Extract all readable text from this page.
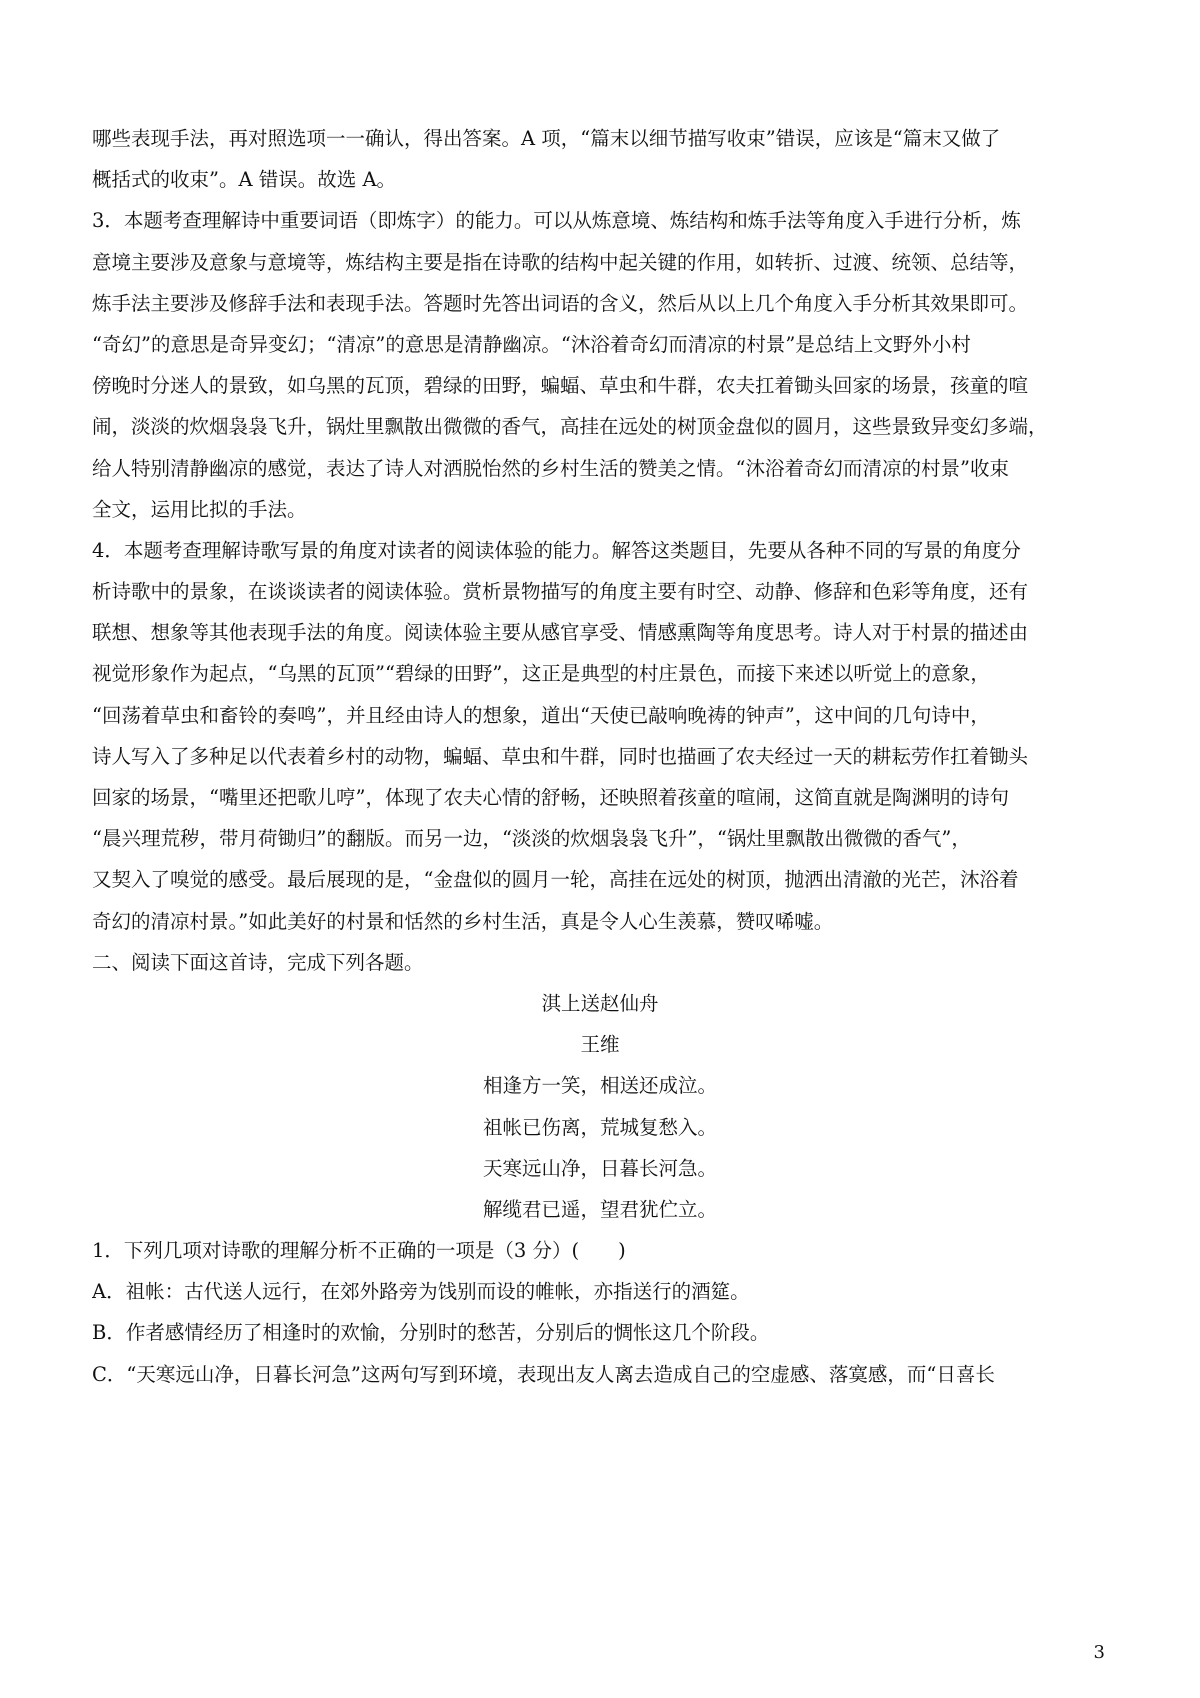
哪些表现手法，再对照选项一一确认，得出答案。A 项，“篇末以细节描写收束”错误，应该是“篇末又做了
概括式的收束”。A 错误。故选 A。
3．本题考查理解诗中重要词语（即炼字）的能力。可以从炼意境、炼结构和炼手法等角度入手进行分析，炼
意境主要涉及意象与意境等，炼结构主要是指在诗歌的结构中起关键的作用，如转折、过渡、统领、总结等，
炼手法主要涉及修辞手法和表现手法。答题时先答出词语的含义，然后从以上几个角度入手分析其效果即可。
“奇幻”的意思是奇异变幻；“清凉”的意思是清静幽凉。“沐浴着奇幻而清凉的村景”是总结上文野外小村
傍晚时分迷人的景致，如乌黑的瓦顶，碧绿的田野，蝙蝠、草虫和牛群，农夫扛着锄头回家的场景，孩童的喧
闹，淡淡的炊烟袅袅飞升，锅灶里飘散出微微的香气，高挂在远处的树顶金盘似的圆月，这些景致异变幻多端，
给人特别清静幽凉的感觉，表达了诗人对洒脱怡然的乡村生活的赞美之情。“沐浴着奇幻而清凉的村景”收束
全文，运用比拟的手法。
4．本题考查理解诗歌写景的角度对读者的阅读体验的能力。解答这类题目，先要从各种不同的写景的角度分
析诗歌中的景象，在谈谈读者的阅读体验。赏析景物描写的角度主要有时空、动静、修辞和色彩等角度，还有
联想、想象等其他表现手法的角度。阅读体验主要从感官享受、情感熏陶等角度思考。诗人对于村景的描述由
视觉形象作为起点，“乌黑的瓦顶”“碧绿的田野”，这正是典型的村庄景色，而接下来述以听觉上的意象，
“回荡着草虫和畜铃的奏鸣”，并且经由诗人的想象，道出“天使已敲响晚祷的钟声”，这中间的几句诗中，
诗人写入了多种足以代表着乡村的动物，蝙蝠、草虫和牛群，同时也描画了农夫经过一天的耕耘劳作扛着锄头
回家的场景，“嘴里还把歌儿哼”，体现了农夫心情的舒畅，还映照着孩童的喧闹，这简直就是陶渊明的诗句
“晨兴理荒秽，带月荷锄归”的翻版。而另一边，“淡淡的炊烟袅袅飞升”，“锅灶里飘散出微微的香气”，
又契入了嗅觉的感受。最后展现的是，“金盘似的圆月一轮，高挂在远处的树顶，抛洒出清澈的光芒，沐浴着
奇幻的清凉村景。”如此美好的村景和恬然的乡村生活，真是令人心生羡慕，赞叹唏嘘。
二、阅读下面这首诗，完成下列各题。
淇上送赵仙舟
王维
相逢方一笑，相送还成泣。
祖帐已伤离，荒城复愁入。
天寒远山净，日暮长河急。
解缆君已遥，望君犹伫立。
1．下列几项对诗歌的理解分析不正确的一项是（3 分）(　　)
A．祖帐：古代送人远行，在郊外路旁为饯别而设的帷帐，亦指送行的酒筵。
B．作者感情经历了相逢时的欢愉，分别时的愁苦，分别后的惆怅这几个阶段。
C．“天寒远山净，日暮长河急”这两句写到环境，表现出友人离去造成自己的空虚感、落寞感，而“日喜长
3
